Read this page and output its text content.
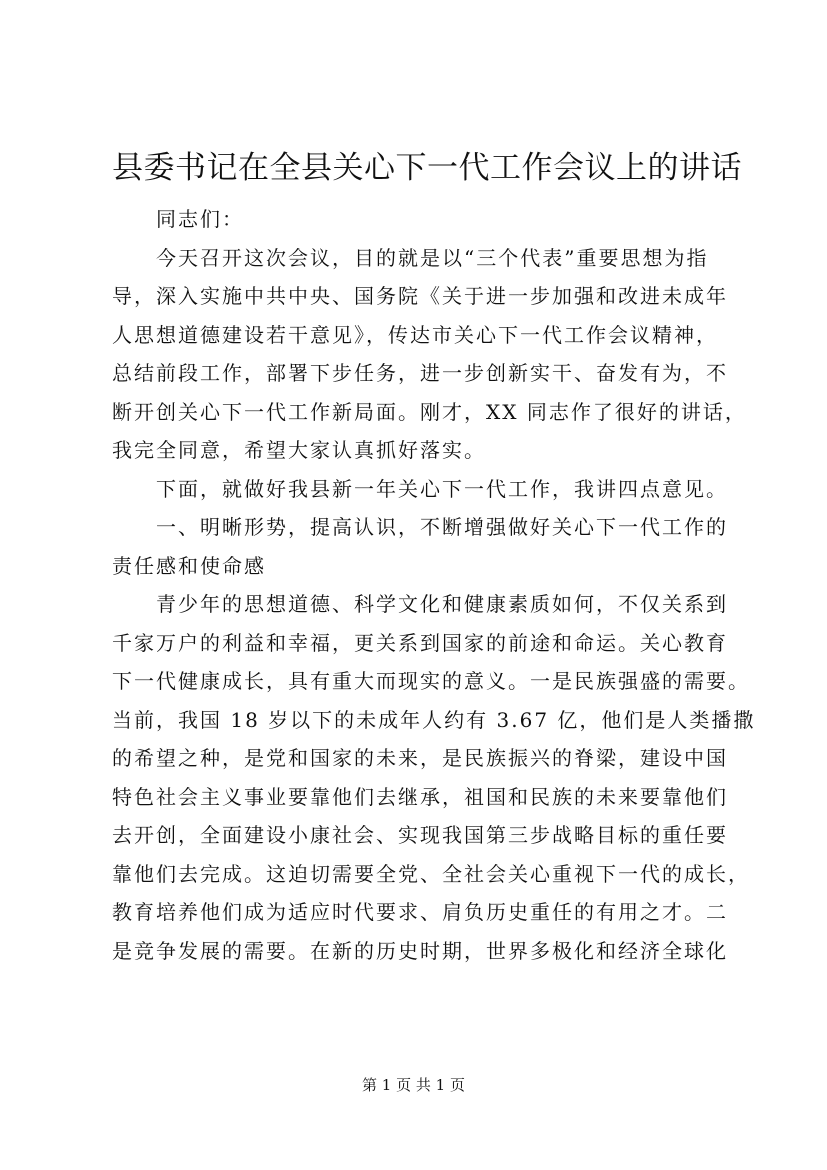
县委书记在全县关心下一代工作会议上的讲话
同志们：
今天召开这次会议，目的就是以“三个代表”重要思想为指
导，深入实施中共中央、国务院《关于进一步加强和改进未成年
人思想道德建设若干意见》，传达市关心下一代工作会议精神，
总结前段工作，部署下步任务，进一步创新实干、奋发有为，不
断开创关心下一代工作新局面。刚才，XX 同志作了很好的讲话，
我完全同意，希望大家认真抓好落实。
下面，就做好我县新一年关心下一代工作，我讲四点意见。
一、明晰形势，提高认识，不断增强做好关心下一代工作的
责任感和使命感
青少年的思想道德、科学文化和健康素质如何，不仅关系到
千家万户的利益和幸福，更关系到国家的前途和命运。关心教育
下一代健康成长，具有重大而现实的意义。一是民族强盛的需要。
当前，我国 18 岁以下的未成年人约有 3.67 亿，他们是人类播撒
的希望之种，是党和国家的未来，是民族振兴的脊梁，建设中国
特色社会主义事业要靠他们去继承，祖国和民族的未来要靠他们
去开创，全面建设小康社会、实现我国第三步战略目标的重任要
靠他们去完成。这迫切需要全党、全社会关心重视下一代的成长，
教育培养他们成为适应时代要求、肩负历史重任的有用之才。二
是竞争发展的需要。在新的历史时期，世界多极化和经济全球化
第 1 页 共 1 页
